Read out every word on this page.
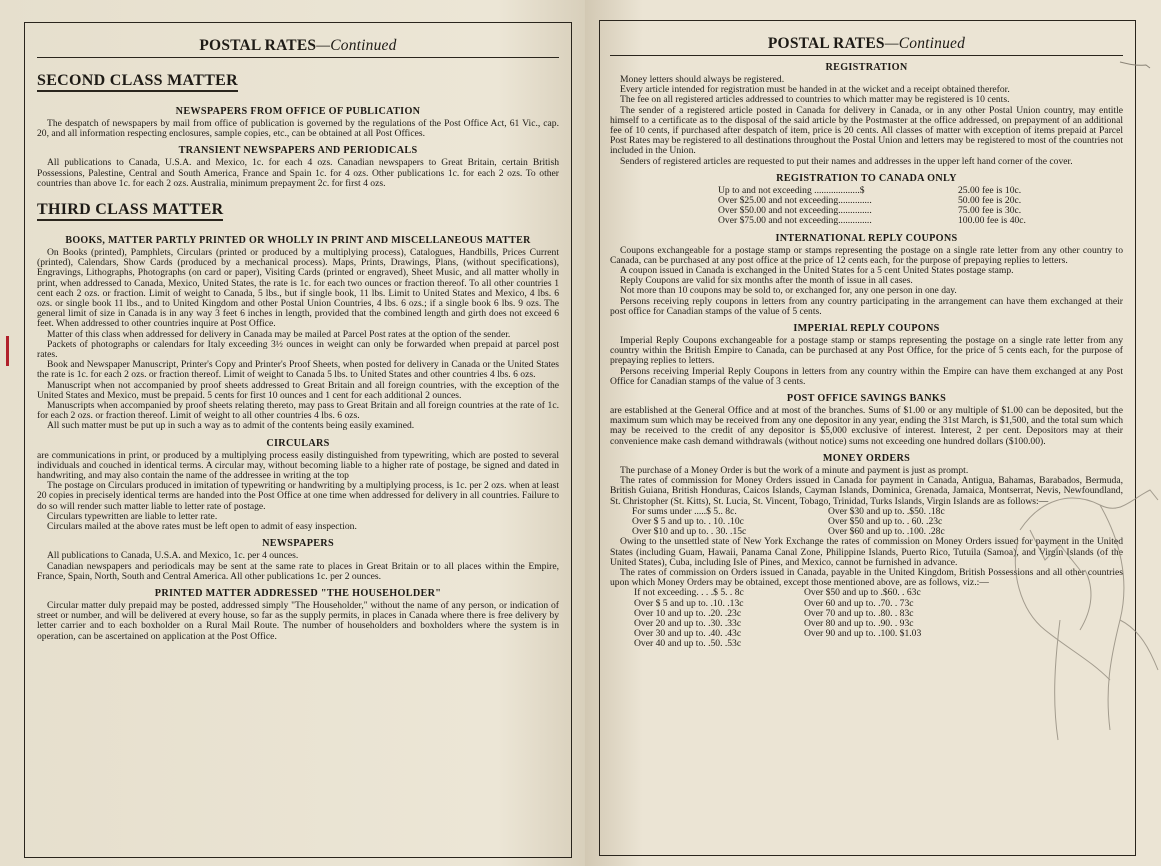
POSTAL RATES—Continued
SECOND CLASS MATTER
NEWSPAPERS FROM OFFICE OF PUBLICATION

The despatch of newspapers by mail from office of publication is governed by the regulations of the Post Office Act, 61 Vic., cap. 20, and all information respecting enclosures, sample copies, etc., can be obtained at all Post Offices.

TRANSIENT NEWSPAPERS AND PERIODICALS

All publications to Canada, U.S.A. and Mexico, 1c. for each 4 ozs. Canadian newspapers to Great Britain, certain British Possessions, Palestine, Central and South America, France and Spain 1c. for 4 ozs. Other publications 1c. for each 2 ozs. To other countries than above 1c. for each 2 ozs. Australia, minimum prepayment 2c. for first 4 ozs.

THIRD CLASS MATTER
BOOKS, MATTER PARTLY PRINTED OR WHOLLY IN PRINT AND MISCELLANEOUS MATTER

On Books (printed), Pamphlets, Circulars (printed or produced by a multiplying process), Catalogues, Handbills, Prices Current (printed), Calendars, Show Cards (produced by a mechanical process). Maps, Prints, Drawings, Plans, (without specifications), Engravings, Lithographs, Photographs (on card or paper), Visiting Cards (printed or engraved), Sheet Music, and all matter wholly in print, when addressed to Canada, Mexico, United States, the rate is 1c. for each two ounces or fraction thereof. To all other countries 1 cent each 2 ozs. or fraction. Limit of weight to Canada, 5 lbs., but if single book, 11 lbs. Limit to United States and Mexico, 4 lbs. 6 ozs. or single book 11 lbs., and to United Kingdom and other Postal Union Countries, 4 lbs. 6 ozs.; if a single book 6 lbs. 9 ozs. The general limit of size in Canada is in any way 3 feet 6 inches in length, provided that the combined length and girth does not exceed 6 feet. When addressed to other countries inquire at Post Office.

Matter of this class when addressed for delivery in Canada may be mailed at Parcel Post rates at the option of the sender.

Packets of photographs or calendars for Italy exceeding 3½ ounces in weight can only be forwarded when prepaid at parcel post rates.

Book and Newspaper Manuscript, Printer's Copy and Printer's Proof Sheets, when posted for delivery in Canada or the United States the rate is 1c. for each 2 ozs. or fraction thereof. Limit of weight to Canada 5 lbs. to United States and other countries 4 lbs. 6 ozs.

Manuscript when not accompanied by proof sheets addressed to Great Britain and all foreign countries, with the exception of the United States and Mexico, must be prepaid. 5 cents for first 10 ounces and 1 cent for each additional 2 ounces.

Manuscripts when accompanied by proof sheets relating thereto, may pass to Great Britain and all foreign countries at the rate of 1c. for each 2 ozs. or fraction thereof. Limit of weight to all other countries 4 lbs. 6 ozs.

All such matter must be put up in such a way as to admit of the contents being easily examined.

CIRCULARS

are communications in print, or produced by a multiplying process easily distinguished from typewriting, which are posted to several individuals and couched in identical terms. A circular may, without becoming liable to a higher rate of postage, be signed and dated in handwriting, and may also contain the name of the addressee in writing at the top

The postage on Circulars produced in imitation of typewriting or handwriting by a multiplying process, is 1c. per 2 ozs. when at least 20 copies in precisely identical terms are handed into the Post Office at one time when addressed for delivery in all countries. Failure to do so will render such matter liable to letter rate of postage.

Circulars typewritten are liable to letter rate.

Circulars mailed at the above rates must be left open to admit of easy inspection.

NEWSPAPERS

All publications to Canada, U.S.A. and Mexico, 1c. per 4 ounces.

Canadian newspapers and periodicals may be sent at the same rate to places in Great Britain or to all places within the Empire, France, Spain, North, South and Central America. All other publications 1c. per 2 ounces.

PRINTED MATTER ADDRESSED "THE HOUSEHOLDER"

Circular matter duly prepaid may be posted, addressed simply "The Householder," without the name of any person, or indication of street or number, and will be delivered at every house, so far as the supply permits, in places in Canada where there is free delivery by letter carrier and to each boxholder on a Rural Mail Route. The number of householders and boxholders where the system is in operation, can be ascertained on application at the Post Office.

POSTAL RATES—Continued
REGISTRATION

Money letters should always be registered.

Every article intended for registration must be handed in at the wicket and a receipt obtained therefor.

The fee on all registered articles addressed to countries to which matter may be registered is 10 cents.

The sender of a registered article posted in Canada for delivery in Canada, or in any other Postal Union country, may entitle himself to a certificate as to the disposal of the said article by the Postmaster at the office addressed, on prepayment of an additional fee of 10 cents, if purchased after despatch of item, price is 20 cents. All classes of matter with exception of items prepaid at Parcel Post Rates may be registered to all destinations throughout the Postal Union and letters may be registered to most of the countries not included in the Union.

Senders of registered articles are requested to put their names and addresses in the upper left hand corner of the cover.

REGISTRATION TO CANADA ONLY
Up to and not exceeding ...................$	25.00 fee is 10c.
Over $25.00 and not exceeding..............	50.00 fee is 20c.
Over $50.00 and not exceeding..............	75.00 fee is 30c.
Over $75.00 and not exceeding..............	100.00 fee is 40c.
INTERNATIONAL REPLY COUPONS

Coupons exchangeable for a postage stamp or stamps representing the postage on a single rate letter from any other country to Canada, can be purchased at any post office at the price of 12 cents each, for the purpose of prepaying replies to letters.

A coupon issued in Canada is exchanged in the United States for a 5 cent United States postage stamp.

Reply Coupons are valid for six months after the month of issue in all cases.

Not more than 10 coupons may be sold to, or exchanged for, any one person in one day.

Persons receiving reply coupons in letters from any country participating in the arrangement can have them exchanged at their post office for Canadian stamps of the value of 5 cents.

IMPERIAL REPLY COUPONS

Imperial Reply Coupons exchangeable for a postage stamp or stamps representing the postage on a single rate letter from any country within the British Empire to Canada, can be purchased at any Post Office, for the price of 5 cents each, for the purpose of prepaying replies to letters.

Persons receiving Imperial Reply Coupons in letters from any country within the Empire can have them exchanged at any Post Office for Canadian stamps of the value of 3 cents.

POST OFFICE SAVINGS BANKS

are established at the General Office and at most of the branches. Sums of $1.00 or any multiple of $1.00 can be deposited, but the maximum sum which may be received from any one depositor in any year, ending the 31st March, is $1,500, and the total sum which may be received to the credit of any depositor is $5,000 exclusive of interest. Interest, 2 per cent. Depositors may at their convenience make cash demand withdrawals (without notice) sums not exceeding one hundred dollars ($100.00).

MONEY ORDERS

The purchase of a Money Order is but the work of a minute and payment is just as prompt.

The rates of commission for Money Orders issued in Canada for payment in Canada, Antigua, Bahamas, Barabados, Bermuda, British Guiana, British Honduras, Caicos Islands, Cayman Islands, Dominica, Grenada, Jamaica, Montserrat, Nevis, Newfoundland, St. Christopher (St. Kitts), St. Lucia, St. Vincent, Tobago, Trinidad, Turks Islands, Virgin Islands are as follows:—

For sums under .....$ 5.. 8c.	Over $30 and up to. .$50. .18c
Over $ 5 and up to. . 10. .10c	Over $50 and up to. . 60. .23c
Over $10 and up to. . 30. .15c	Over $60 and up to. .100. .28c

Owing to the unsettled state of New York Exchange the rates of commission on Money Orders issued for payment in the United States (including Guam, Hawaii, Panama Canal Zone, Philippine Islands, Puerto Rico, Tutuila (Samoa), and Virgin Islands (of the United States), Cuba, including Isle of Pines, and Mexico, cannot be furnished in advance.

The rates of commission on Orders issued in Canada, payable in the United Kingdom, British Possessions and all other countries upon which Money Orders may be obtained, except those mentioned above, are as follows, viz.:—

If not exceeding. . . .$ 5. . 8c	Over $50 and up to .$60. . 63c
Over $ 5 and up to. .10. .13c	Over 60 and up to. .70. . 73c
Over 10 and up to. .20. .23c	Over 70 and up to. .80. . 83c
Over 20 and up to. .30. .33c	Over 80 and up to. .90. . 93c
Over 30 and up to. .40. .43c	Over 90 and up to. .100. $1.03
Over 40 and up to. .50. .53c
